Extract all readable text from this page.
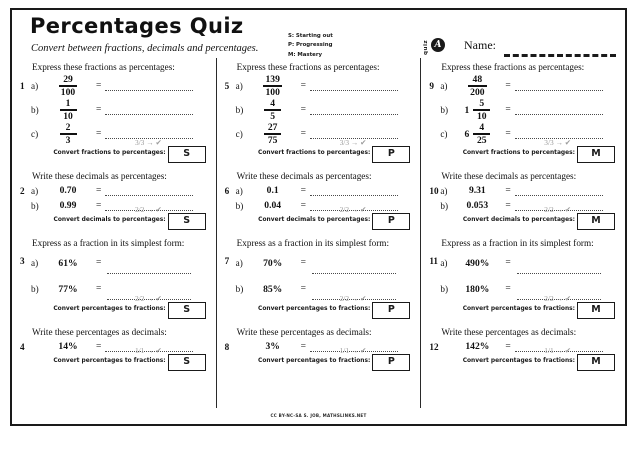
Percentages Quiz
Convert between fractions, decimals and percentages.
S: Starting out
P: Progressing
M: Mastery	quiz A Name:
Express these fractions as percentages:
1 a)	$\frac{29}{100}$ =
b)	$\frac{1}{10}$ =
c)	$\frac{2}{3}$ =
3/3 → ✔
Convert fractions to percentages:	S
Write these decimals as percentages:
2 a)	0.70 =
b)	0.99 =	2/2 → ✔
Convert decimals to percentages:	S
Express as a fraction in its simplest form:
3 a)	61% =
b)	77% =
2/2 → ✔
Convert percentages to fractions:	S
Write these percentages as decimals:
4	14% =	1/1 → ✔
Convert percentages to fractions:	S
Express these fractions as percentages:
5 a)	$\frac{139}{100}$ =
b)	$\frac{4}{5}$ =
c)	$\frac{27}{75}$ =
3/3 → ✔
Convert fractions to percentages:	P
Write these decimals as percentages:
6 a)	0.1 =
b)	0.04 =	2/2 → ✔
Convert decimals to percentages:	P
Express as a fraction in its simplest form:
7 a)	70% =
b)	85% =
2/2 → ✔
Convert percentages to fractions:	P
Write these percentages as decimals:
8	3% =	1/1 → ✔
Convert percentages to fractions:	P
Express these fractions as percentages:
9 a)	$\frac{48}{200}$ =
b)	$1 \frac{5}{10}$ =
c)	$6 \frac{4}{25}$ =
3/3 → ✔
Convert fractions to percentages:	M
Write these decimals as percentages:
10 a)	9.31 =
b)	0.053 =	2/2 → ✔
Convert decimals to percentages:	M
Express as a fraction in its simplest form:
11 a)	490% =
b)	180% =
2/2 → ✔
Convert percentages to fractions:	M
Write these percentages as decimals:
12	142% =	1/1 → ✔
Convert percentages to fractions:	M
CC BY-NC-SA S. JOB, MATHSLINKS.NET
